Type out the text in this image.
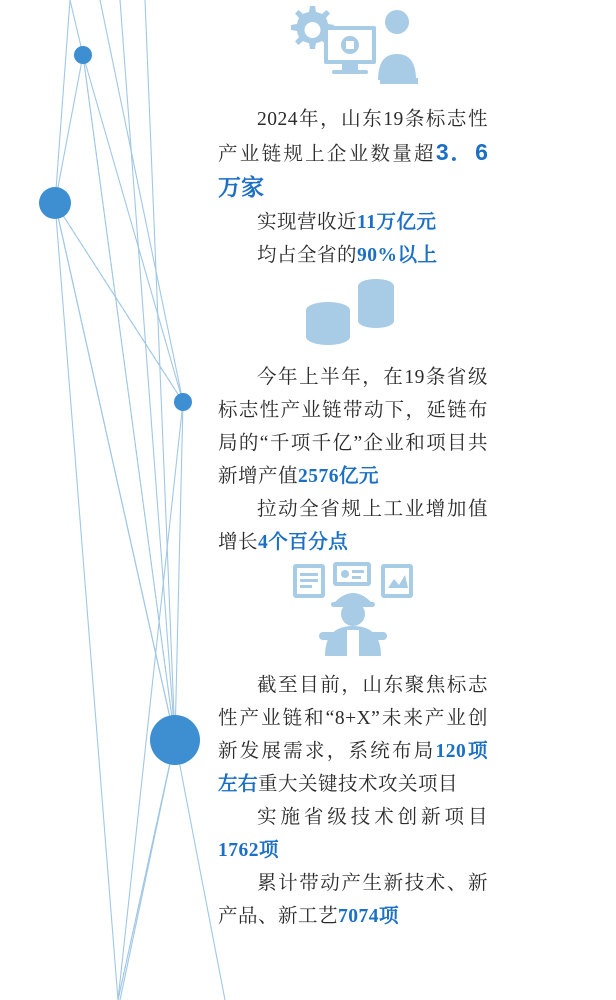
2024年，山东19条标志性产业链规上企业数量超3．6万家

实现营收近11万亿元

均占全省的90%以上

今年上半年，在19条省级标志性产业链带动下，延链布局的“千项千亿”企业和项目共新增产值2576亿元

拉动全省规上工业增加值增长4个百分点

截至目前，山东聚焦标志性产业链和“8+X”未来产业创新发展需求，系统布局120项左右重大关键技术攻关项目

实施省级技术创新项目1762项

累计带动产生新技术、新产品、新工艺7074项
